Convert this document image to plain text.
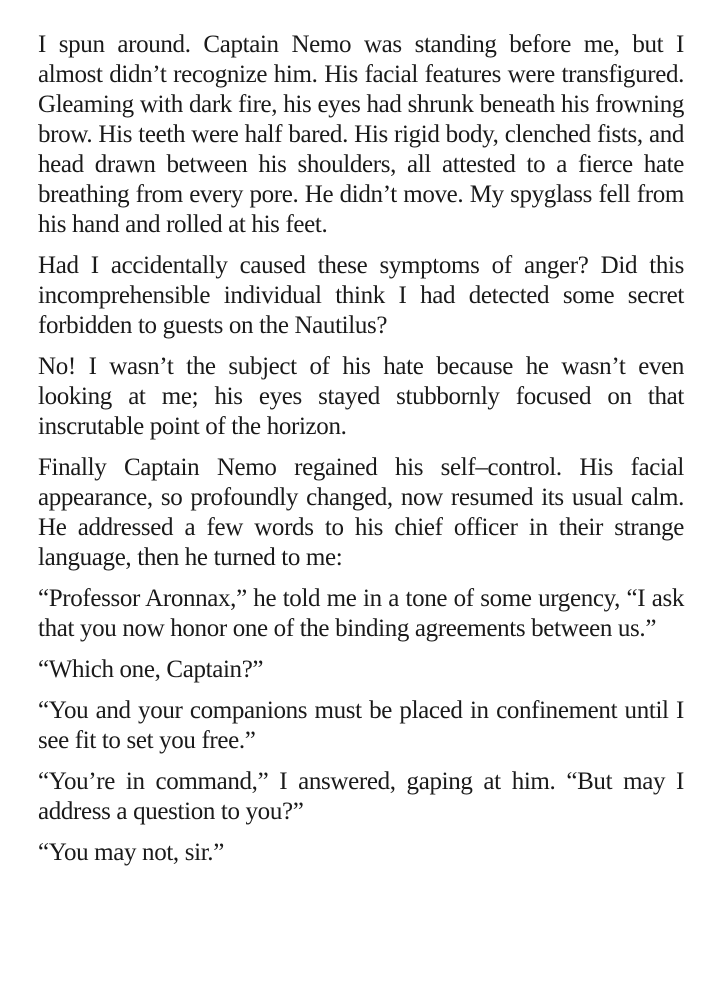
I spun around. Captain Nemo was standing before me, but I almost didn’t recognize him. His facial features were transfigured. Gleaming with dark fire, his eyes had shrunk beneath his frowning brow. His teeth were half bared. His rigid body, clenched fists, and head drawn between his shoulders, all attested to a fierce hate breathing from every pore. He didn’t move. My spyglass fell from his hand and rolled at his feet.

Had I accidentally caused these symptoms of anger? Did this incomprehensible individual think I had detected some secret forbidden to guests on the Nautilus?

No! I wasn’t the subject of his hate because he wasn’t even looking at me; his eyes stayed stubbornly focused on that inscrutable point of the horizon.

Finally Captain Nemo regained his self–control. His facial appearance, so profoundly changed, now resumed its usual calm. He addressed a few words to his chief officer in their strange language, then he turned to me:

“Professor Aronnax,” he told me in a tone of some urgency, “I ask that you now honor one of the binding agreements between us.”

“Which one, Captain?”

“You and your companions must be placed in confinement until I see fit to set you free.”

“You’re in command,” I answered, gaping at him. “But may I address a question to you?”

“You may not, sir.”
